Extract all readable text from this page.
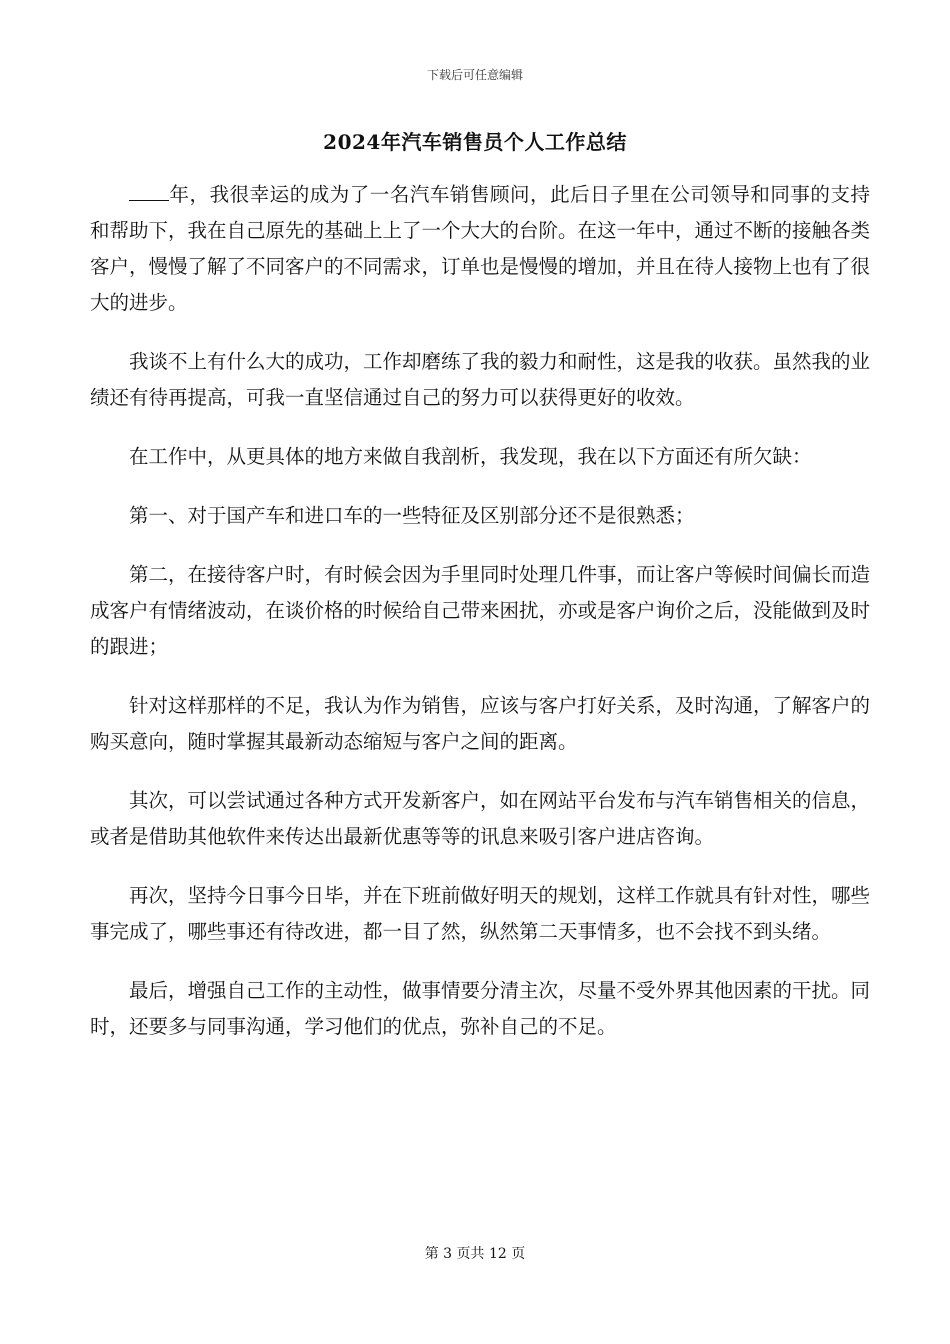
下载后可任意编辑
2024年汽车销售员个人工作总结

年，我很幸运的成为了一名汽车销售顾问，此后日子里在公司领导和同事的支持和帮助下，我在自己原先的基础上上了一个大大的台阶。在这一年中，通过不断的接触各类客户，慢慢了解了不同客户的不同需求，订单也是慢慢的增加，并且在待人接物上也有了很大的进步。

我谈不上有什么大的成功，工作却磨练了我的毅力和耐性，这是我的收获。虽然我的业绩还有待再提高，可我一直坚信通过自己的努力可以获得更好的收效。

在工作中，从更具体的地方来做自我剖析，我发现，我在以下方面还有所欠缺：

第一、对于国产车和进口车的一些特征及区别部分还不是很熟悉；

第二，在接待客户时，有时候会因为手里同时处理几件事，而让客户等候时间偏长而造成客户有情绪波动，在谈价格的时候给自己带来困扰，亦或是客户询价之后，没能做到及时的跟进；

针对这样那样的不足，我认为作为销售，应该与客户打好关系，及时沟通，了解客户的购买意向，随时掌握其最新动态缩短与客户之间的距离。

其次，可以尝试通过各种方式开发新客户，如在网站平台发布与汽车销售相关的信息，或者是借助其他软件来传达出最新优惠等等的讯息来吸引客户进店咨询。

再次，坚持今日事今日毕，并在下班前做好明天的规划，这样工作就具有针对性，哪些事完成了，哪些事还有待改进，都一目了然，纵然第二天事情多，也不会找不到头绪。

最后，增强自己工作的主动性，做事情要分清主次，尽量不受外界其他因素的干扰。同时，还要多与同事沟通，学习他们的优点，弥补自己的不足。

第 3 页共 12 页
